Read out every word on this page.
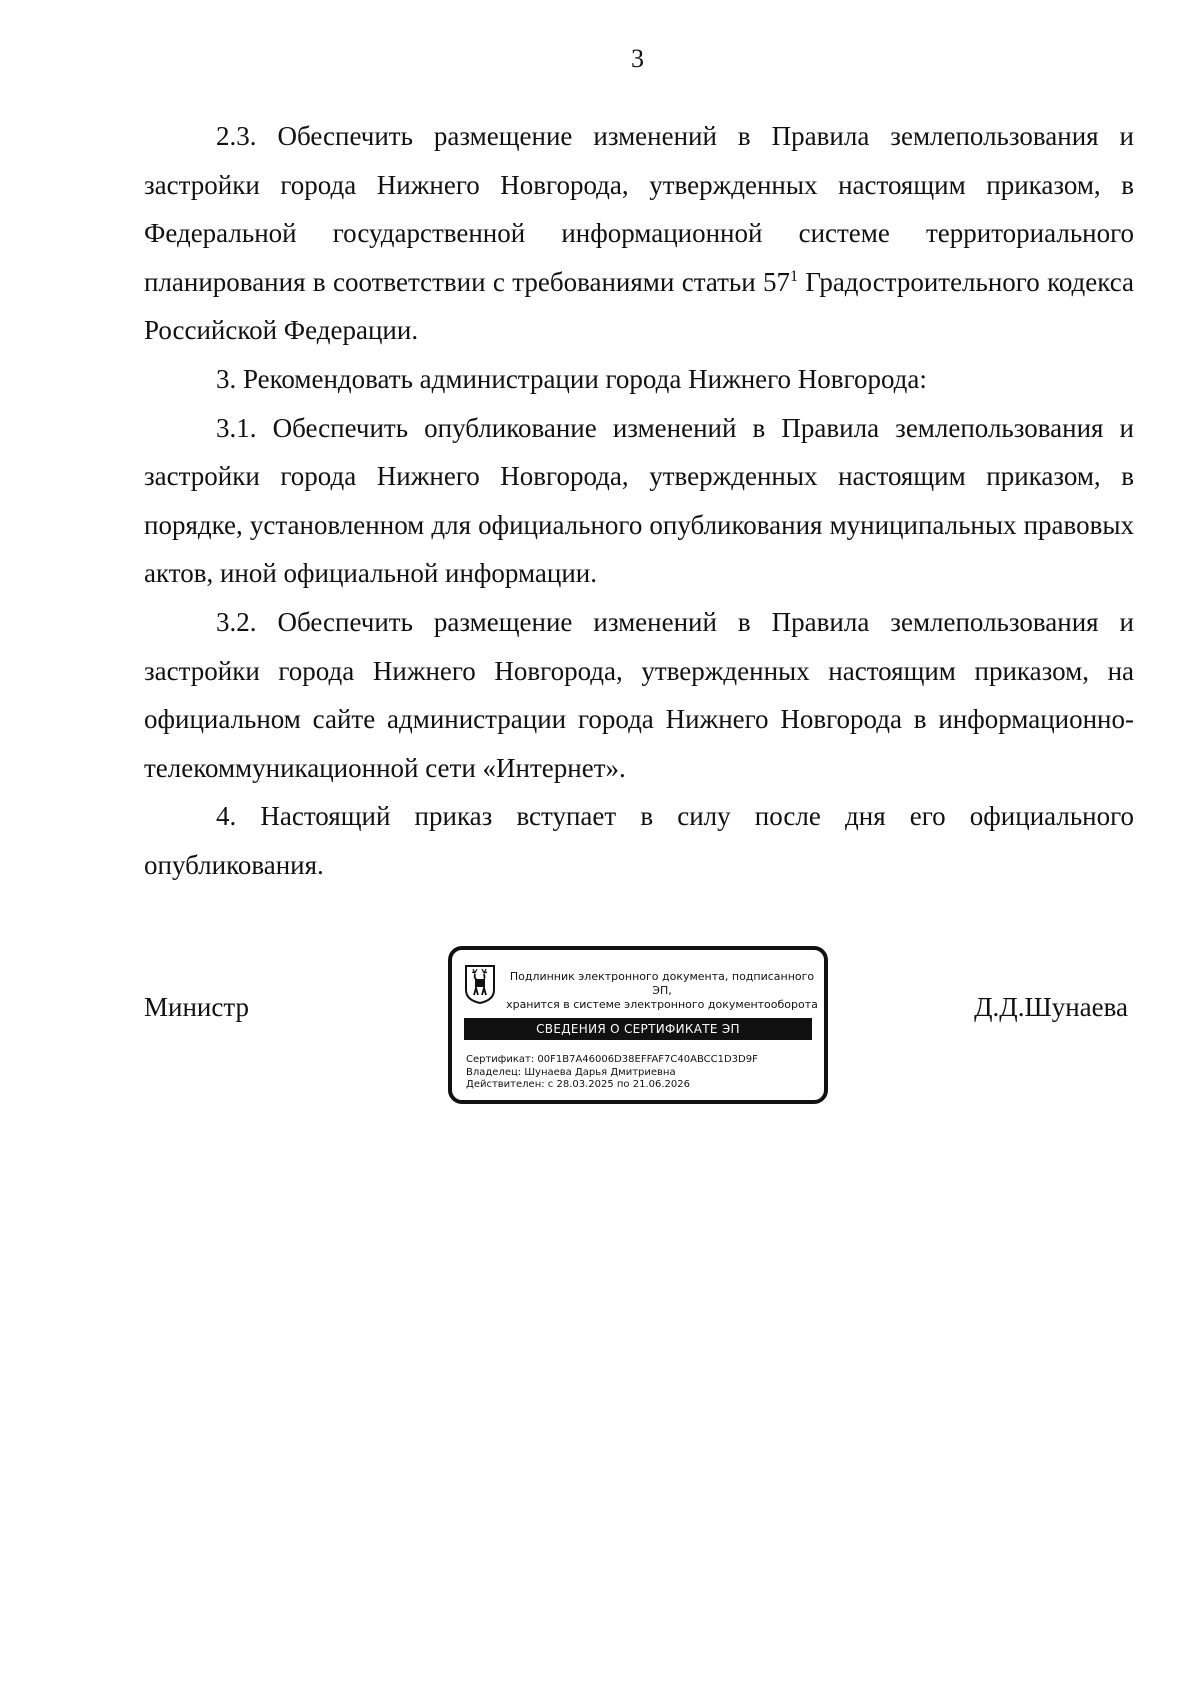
3

2.3. Обеспечить размещение изменений в Правила землепользования и застройки города Нижнего Новгорода, утвержденных настоящим приказом, в Федеральной государственной информационной системе территориального планирования в соответствии с требованиями статьи $57^1$ Градостроительного кодекса Российской Федерации.

3. Рекомендовать администрации города Нижнего Новгорода:

3.1. Обеспечить опубликование изменений в Правила землепользования и застройки города Нижнего Новгорода, утвержденных настоящим приказом, в порядке, установленном для официального опубликования муниципальных правовых актов, иной официальной информации.

3.2. Обеспечить размещение изменений в Правила землепользования и застройки города Нижнего Новгорода, утвержденных настоящим приказом, на официальном сайте администрации города Нижнего Новгорода в информационно-телекоммуникационной сети «Интернет».

4. Настоящий приказ вступает в силу после дня его официального опубликования.

Министр	Д.Д.Шунаева
Подлинник электронного документа, подписанного ЭП,
хранится в системе электронного документооборота
СВЕДЕНИЯ О СЕРТИФИКАТЕ ЭП
Сертификат: 00F1B7A46006D38EFFAF7C40ABCC1D3D9F
Владелец: Шунаева Дарья Дмитриевна
Действителен: с 28.03.2025 по 21.06.2026
